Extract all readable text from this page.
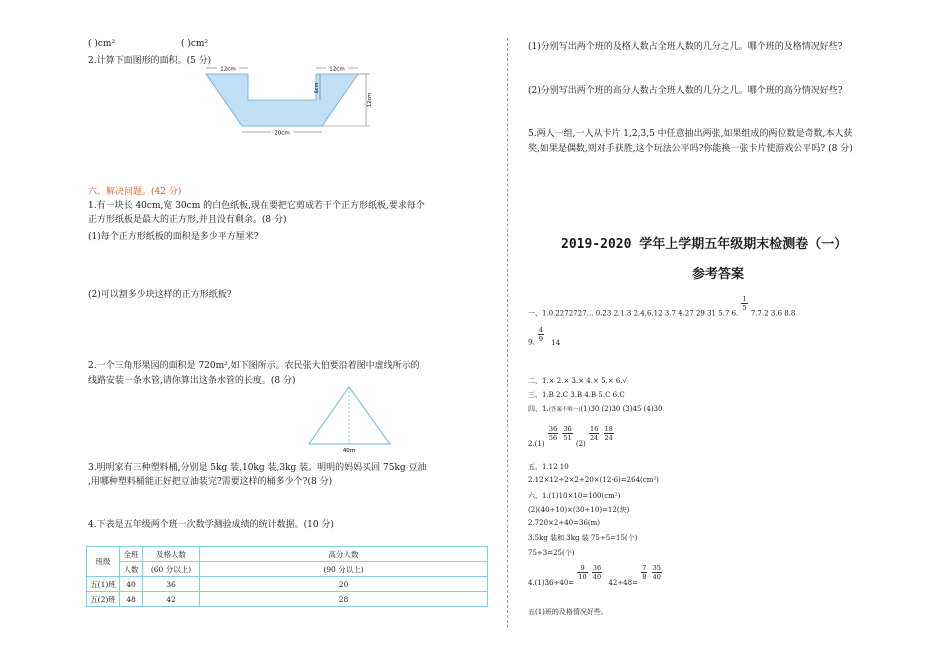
( )cm²	( )cm²
2.计算下面图形的面积。(5 分)
12cm	12cm
6cm
12cm
20cm
六、解决问题。(42 分)
1.有一块长 40cm,宽 30cm 的白色纸板,现在要把它剪成若干个正方形纸板,要求每个
正方形纸板是最大的正方形,并且没有剩余。(8 分)
(1)每个正方形纸板的面积是多少平方厘米?
(2)可以割多少块这样的正方形纸板?
2.一个三角形果园的面积是 720m²,如下图所示。农民张大伯要沿着图中虚线所示的
线路安装一条水管,请你算出这条水管的长度。(8 分)
40m
3.明明家有三种塑料桶,分别是 5kg 装,10kg 装,3kg 装。明明的妈妈买回 75kg 豆油
,用哪种塑料桶能正好把豆油装完?需要这样的桶多少个?(8 分)
4.下表是五年级两个班一次数学测验成绩的统计数据。(10 分)
班级	全班	及格人数	高分人数
	人数	(60 分以上)	(90 分以上)
五(1)班	40	36	20
五(2)班	48	42	28
(1)分别写出两个班的及格人数占全班人数的几分之几。哪个班的及格情况好些?
(2)分别写出两个班的高分人数占全班人数的几分之几。哪个班的高分情况好些?
5.两人一组,一人从卡片 1,2,3,5 中任意抽出两张,如果组成的两位数是奇数,本人获
奖,如果是偶数,则对手获胜,这个玩法公平吗?你能换一张卡片使游戏公平吗? (8 分)
2019-2020 学年上学期五年级期末检测卷（一）
参考答案
一、1.0.2272727… 0.23 2.1.3 2.4,6,12 3.7 4.27 29 31 5.7 6.
$\frac{1}{5}$
7.7.2 3.6 8.8
9. $\frac{4}{9} 14$
二、1.× 2.× 3.× 4.× 5.× 6.√
三、1.B 2.C 3.B 4.B 5.C 6.C
四、1.(答案不唯一)(1)30 (2)30 (3)45 (4)30
2.(1)
$\frac{36}{56}$
$\frac{36}{51}$
(2)
$\frac{16}{24}$
$\frac{18}{24}$
五、1.12 10
2.12×12÷2×2+20×(12-6)=264(cm²)
六、1.(1)10×10=100(cm²)
(2)(40÷10)×(30÷10)=12(块)
2.720×2÷40=36(m)
3.5kg 装和 3kg 装 75÷5=15(个)
75÷3=25(个)
4.(1)36÷40=
$\frac{9}{10}$
$\frac{36}{40}$
42÷48=
$\frac{7}{8}$
$\frac{35}{40}$
五(1)班的及格情况好些。
